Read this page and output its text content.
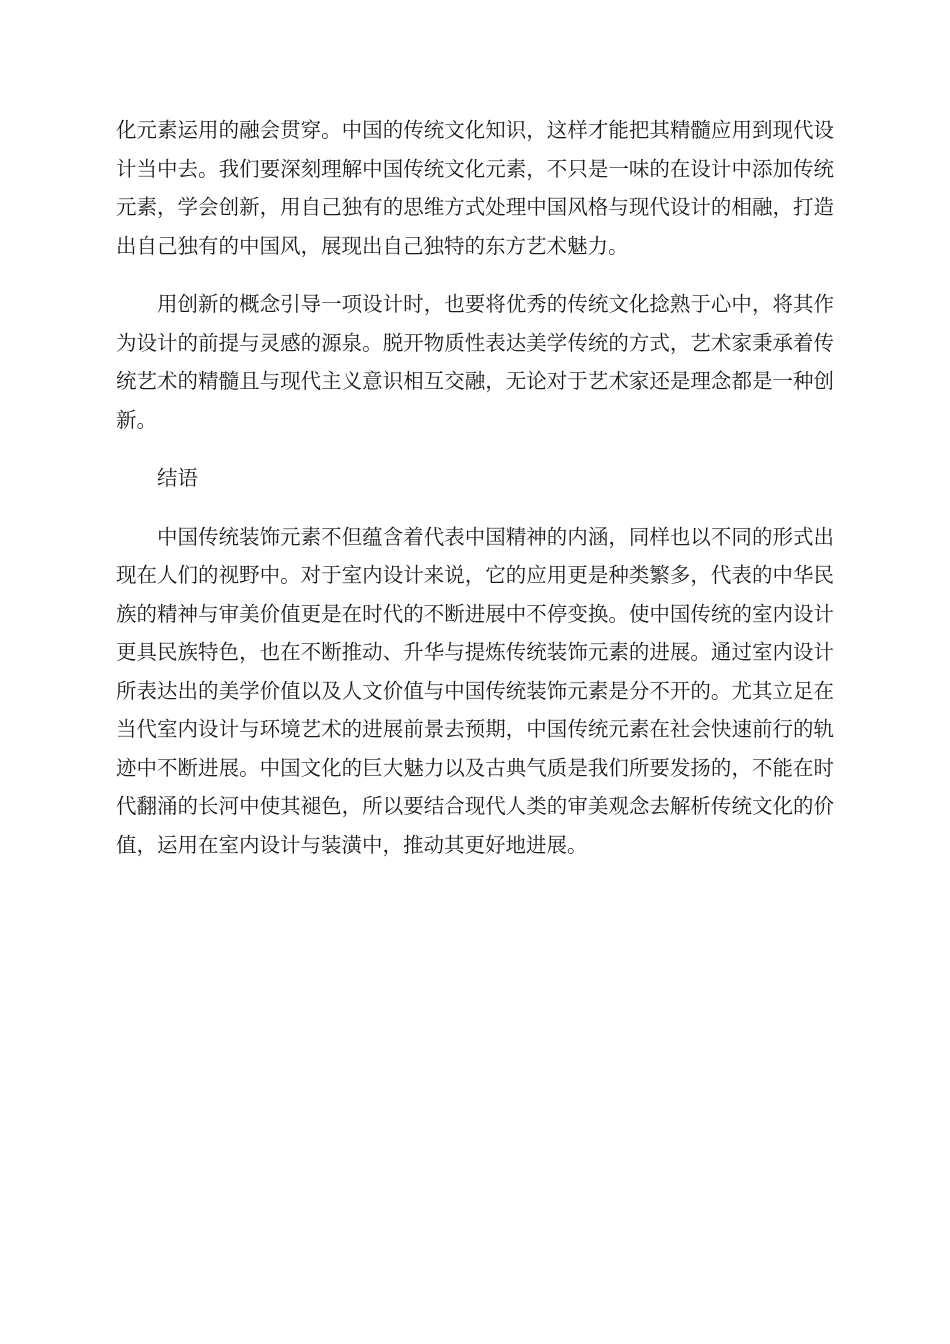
化元素运用的融会贯穿。中国的传统文化知识，这样才能把其精髓应用到现代设计当中去。我们要深刻理解中国传统文化元素，不只是一味的在设计中添加传统元素，学会创新，用自己独有的思维方式处理中国风格与现代设计的相融，打造出自己独有的中国风，展现出自己独特的东方艺术魅力。

用创新的概念引导一项设计时，也要将优秀的传统文化捻熟于心中，将其作为设计的前提与灵感的源泉。脱开物质性表达美学传统的方式，艺术家秉承着传统艺术的精髓且与现代主义意识相互交融，无论对于艺术家还是理念都是一种创新。

结语

中国传统装饰元素不但蕴含着代表中国精神的内涵，同样也以不同的形式出现在人们的视野中。对于室内设计来说，它的应用更是种类繁多，代表的中华民族的精神与审美价值更是在时代的不断进展中不停变换。使中国传统的室内设计更具民族特色，也在不断推动、升华与提炼传统装饰元素的进展。通过室内设计所表达出的美学价值以及人文价值与中国传统装饰元素是分不开的。尤其立足在当代室内设计与环境艺术的进展前景去预期，中国传统元素在社会快速前行的轨迹中不断进展。中国文化的巨大魅力以及古典气质是我们所要发扬的，不能在时代翻涌的长河中使其褪色，所以要结合现代人类的审美观念去解析传统文化的价值，运用在室内设计与装潢中，推动其更好地进展。
